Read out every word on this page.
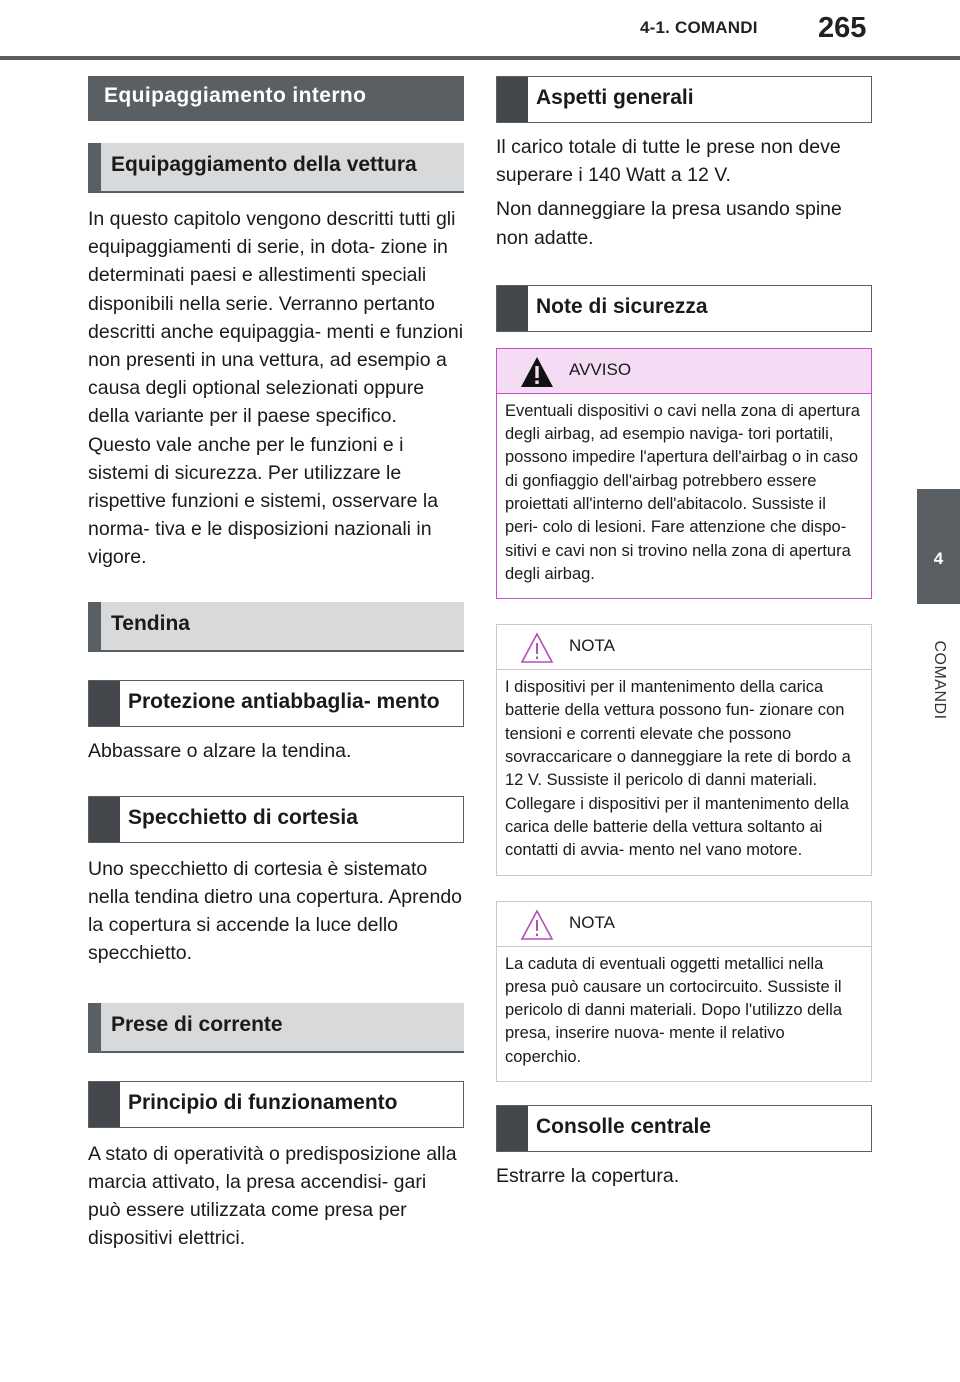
4-1. COMANDI 265
4
COMANDI
Equipaggiamento interno
Equipaggiamento della vettura

In questo capitolo vengono descritti tutti gli equipaggiamenti di serie, in dota- zione in determinati paesi e allestimenti speciali disponibili nella serie. Verranno pertanto descritti anche equipaggia- menti e funzioni non presenti in una vettura, ad esempio a causa degli optional selezionati oppure della variante per il paese specifico. Questo vale anche per le funzioni e i sistemi di sicurezza. Per utilizzare le rispettive funzioni e sistemi, osservare la norma- tiva e le disposizioni nazionali in vigore.

Tendina
Protezione antiabbaglia- mento

Abbassare o alzare la tendina.

Specchietto di cortesia

Uno specchietto di cortesia è sistemato nella tendina dietro una copertura. Aprendo la copertura si accende la luce dello specchietto.

Prese di corrente
Principio di funzionamento

A stato di operatività o predisposizione alla marcia attivato, la presa accendisi- gari può essere utilizzata come presa per dispositivi elettrici.

Aspetti generali

Il carico totale di tutte le prese non deve superare i 140 Watt a 12 V.

Non danneggiare la presa usando spine non adatte.

Note di sicurezza
AVVISO
Eventuali dispositivi o cavi nella zona di apertura degli airbag, ad esempio naviga- tori portatili, possono impedire l'apertura dell'airbag o in caso di gonfiaggio dell'airbag potrebbero essere proiettati all'interno dell'abitacolo. Sussiste il peri- colo di lesioni. Fare attenzione che dispo- sitivi e cavi non si trovino nella zona di apertura degli airbag.
NOTA
I dispositivi per il mantenimento della carica batterie della vettura possono fun- zionare con tensioni e correnti elevate che possono sovraccaricare o danneggiare la rete di bordo a 12 V. Sussiste il pericolo di danni materiali. Collegare i dispositivi per il mantenimento della carica delle batterie della vettura soltanto ai contatti di avvia- mento nel vano motore.
NOTA
La caduta di eventuali oggetti metallici nella presa può causare un cortocircuito. Sussiste il pericolo di danni materiali. Dopo l'utilizzo della presa, inserire nuova- mente il relativo coperchio.
Consolle centrale

Estrarre la copertura.
